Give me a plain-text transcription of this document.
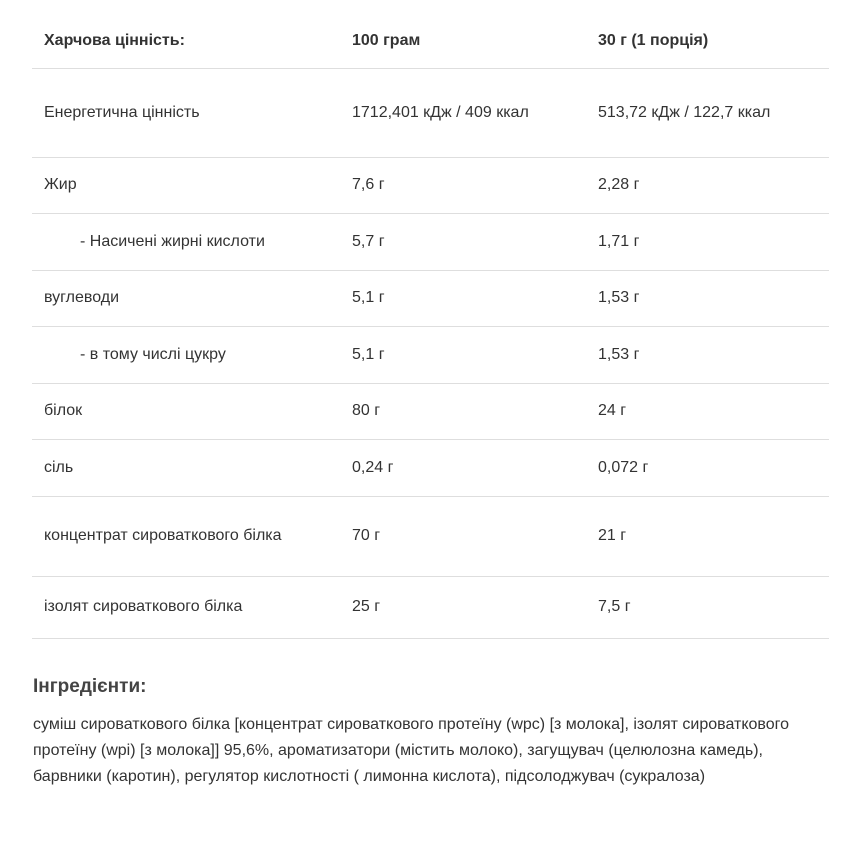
Харчова цінність:	100 грам	30 г (1 порція)
Енергетична цінність	1712,401 кДж / 409 ккал	513,72 кДж / 122,7 ккал
Жир	7,6 г	2,28 г
- Насичені жирні кислоти	5,7 г	1,71 г
вуглеводи	5,1 г	1,53 г
- в тому числі цукру	5,1 г	1,53 г
білок	80 г	24 г
сіль	0,24 г	0,072 г
концентрат сироваткового білка	70 г	21 г
ізолят сироваткового білка	25 г	7,5 г
Інгредієнти:

суміш сироваткового білка [концентрат сироваткового протеїну (wpc) [з молока], ізолят сироваткового протеїну (wpi) [з молока]] 95,6%, ароматизатори (містить молоко), загущувач (целюлозна камедь), барвники (каротин), регулятор кислотності ( лимонна кислота), підсолоджувач (сукралоза)
